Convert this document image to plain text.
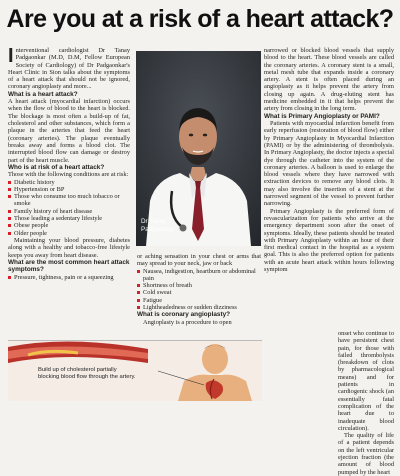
Are you at a risk of a heart attack?

Interventional cardiologist Dr Tanay Padgaonkar (M.D, D.M, Fellow European Society of Cardiology) of Dr Padgaonkar's Heart Clinic in Sion talks about the symptoms of a heart attack that should not be ignored, coronary angioplasty and more...

What is a heart attack?

A heart attack (myocardial infarction) occurs when the flow of blood to the heart is blocked. The blockage is most often a build-up of fat, cholesterol and other substances, which form a plaque in the arteries that feed the heart (coronary arteries). The plaque eventually breaks away and forms a blood clot. The interrupted blood flow can damage or destroy part of the heart muscle.

Who is at risk of a heart attack?

Those with the following conditions are at risk:

Diabetic history
Hypertension or BP
Those who consume too much tobacco or smoke
Family history of heart disease
Those leading a sedentary lifestyle
Obese people
Older people

Maintaining your blood pressure, diabetes along with a healthy and tobacco-free lifestyle keeps you away from heart disease.

What are the most common heart attack symptoms?
Pressure, tightness, pain or a squeezing
Dr Tanay
Padgaonkar

or aching sensation in your chest or arms that may spread to your neck, jaw or back

Nausea, indigestion, heartburn or abdominal pain
Shortness of breath
Cold sweat
Fatigue
Lightheadedness or sudden dizziness
What is coronary angioplasty?

Angioplasty is a procedure to open

narrowed or blocked blood vessels that supply blood to the heart. These blood vessels are called the coronary arteries. A coronary stent is a small, metal mesh tube that expands inside a coronary artery. A stent is often placed during an angioplasty as it helps prevent the artery from closing up again. A drug-eluting stent has medicine embedded in it that helps prevent the artery from closing in the long term.

What is Primary Angioplasty or PAMI?

Patients with myocardial infarction benefit from early reperfusion (restoration of blood flow) either by Primary Angioplasty in Myocardial Infarction (PAMI) or by the administering of thrombolysis. In Primary Angioplasty, the doctor injects a special dye through the catheter into the system of the coronary arteries. A balloon is used to enlarge the blood vessels where they have narrowed with extraction devices to remove any blood clots. It may also involve the insertion of a stent at the narrowed segment of the vessel to prevent further narrowing.

Primary Angioplasty is the preferred form of revascularization for patients who arrive at the emergency department soon after the onset of symptoms. Ideally, these patients should be treated with Primary Angioplasty within an hour of their first medical contact in the hospital as a system goal. This is also the preferred option for patients with an acute heart attack within hours following symptom

onset who continue to have persistent chest pain, for those with failed thrombolysis (breakdown of clots by pharmacological means) and for patients in cardiogenic shock (an essentially fatal complication of the heart due to inadequate blood circulation).

The quality of life of a patient depends on the left ventricular ejection fraction (the amount of blood pumped by the heart

Build up of cholesterol partially blocking blood flow through the artery.
